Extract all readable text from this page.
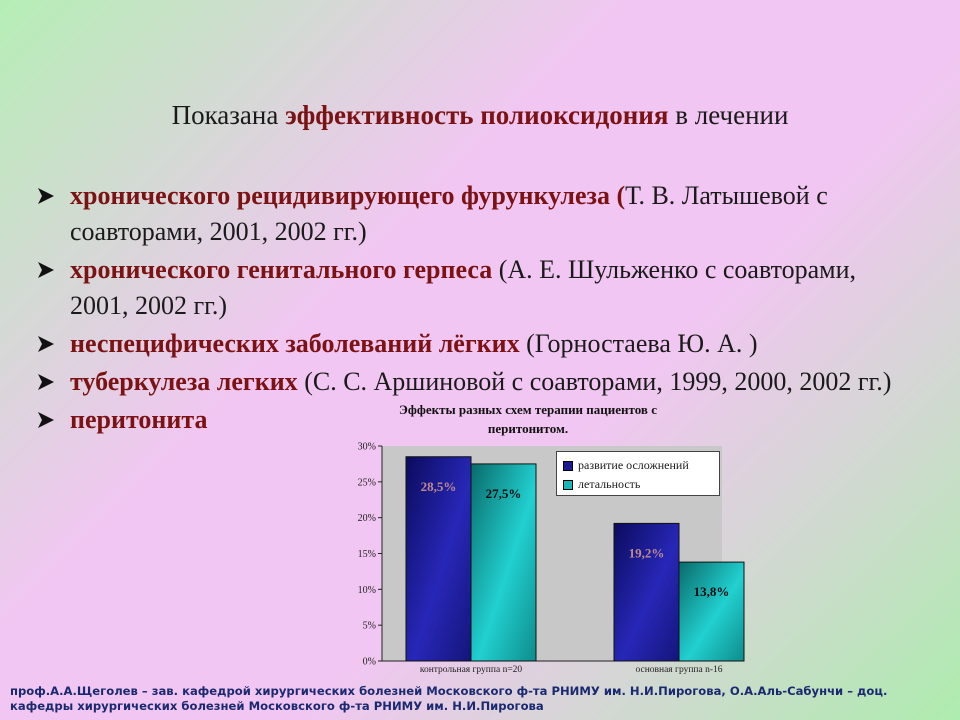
Показана эффективность полиоксидония в лечении
хронического рецидивирующего фурункулеза (Т. В. Латышевой с соавторами, 2001, 2002 гг.)
хронического генитального герпеса (А. Е. Шульженко с соавторами, 2001, 2002 гг.)
неспецифических заболеваний лёгких (Горностаева Ю. А. )
туберкулеза легких (С. С. Аршиновой с соавторами, 1999, 2000, 2002 гг.)
перитонита	Эффекты разных схем терапии пациентов с перитонитом.
0%
5%
10%
15%
20%
25%
30%
28,5% 27,5%
контрольная группа n=20
19,2%
13,8%
основная группа n-16
развитие осложнений
летальность
проф.А.А.Щеголев – зав. кафедрой хирургических болезней Московского ф-та РНИМУ им. Н.И.Пирогова, О.А.Аль-Сабунчи – доц. кафедры хирургических болезней Московского ф-та РНИМУ им. Н.И.Пирогова
